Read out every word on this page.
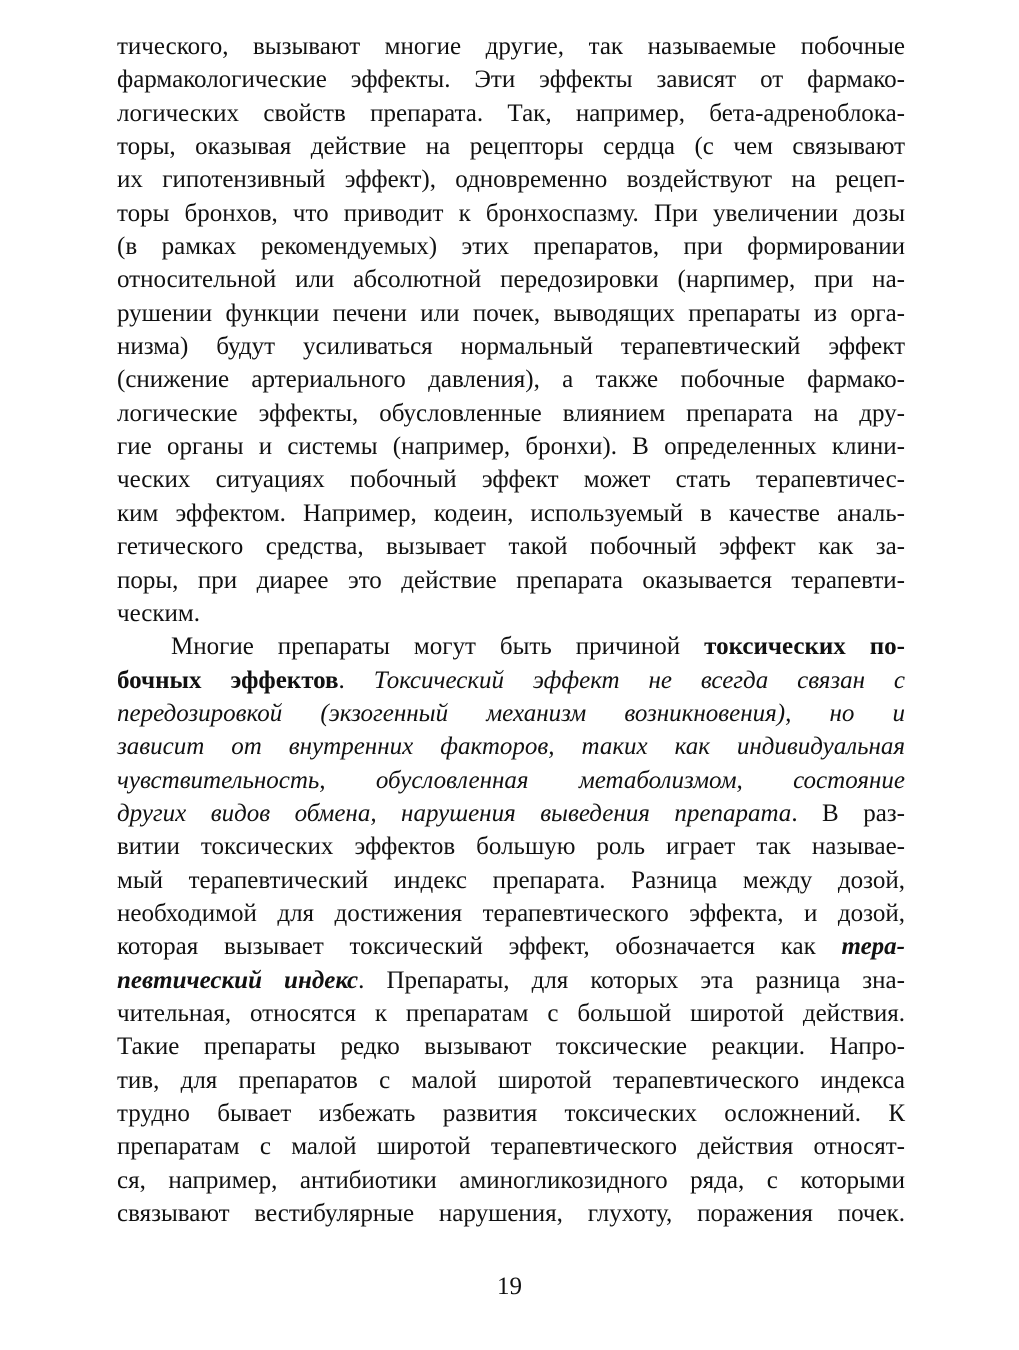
тического, вызывают многие другие, так называемые побочные
фармакологические эффекты. Эти эффекты зависят от фармако-
логических свойств препарата. Так, например, бета-адреноблока-
торы, оказывая действие на рецепторы сердца (с чем связывают
их гипотензивный эффект), одновременно воздействуют на рецеп-
торы бронхов, что приводит к бронхоспазму. При увеличении дозы
(в рамках рекомендуемых) этих препаратов, при формировании
относительной или абсолютной передозировки (нарпимер, при на-
рушении функции печени или почек, выводящих препараты из орга-
низма) будут усиливаться нормальный терапевтический эффект
(снижение артериального давления), а также побочные фармако-
логические эффекты, обусловленные влиянием препарата на дру-
гие органы и системы (например, бронхи). В определенных клини-
ческих ситуациях побочный эффект может стать терапевтичес-
ким эффектом. Например, кодеин, используемый в качестве аналь-
гетического средства, вызывает такой побочный эффект как за-
поры, при диарее это действие препарата оказывается терапевти-
ческим.
Многие препараты могут быть причиной токсических по-
бочных эффектов. Токсический эффект не всегда связан с
передозировкой (экзогенный механизм возникновения), но и
зависит от внутренних факторов, таких как индивидуальная
чувствительность, обусловленная метаболизмом, состояние
других видов обмена, нарушения выведения препарата. В раз-
витии токсических эффектов большую роль играет так называе-
мый терапевтический индекс препарата. Разница между дозой,
необходимой для достижения терапевтического эффекта, и дозой,
которая вызывает токсический эффект, обозначается как тера-
певтический индекс. Препараты, для которых эта разница зна-
чительная, относятся к препаратам с большой широтой действия.
Такие препараты редко вызывают токсические реакции. Напро-
тив, для препаратов с малой широтой терапевтического индекса
трудно бывает избежать развития токсических осложнений. К
препаратам с малой широтой терапевтического действия относят-
ся, например, антибиотики аминогликозидного ряда, с которыми
связывают вестибулярные нарушения, глухоту, поражения почек.
19
